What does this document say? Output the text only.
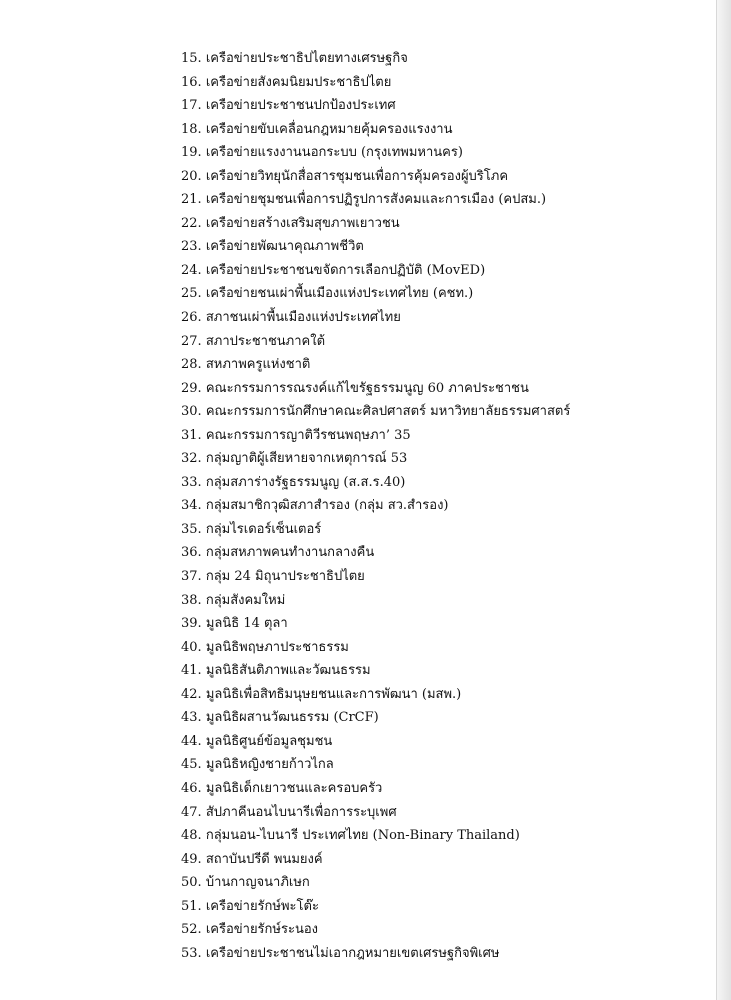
15. เครือข่ายประชาธิปไตยทางเศรษฐกิจ
16. เครือข่ายสังคมนิยมประชาธิปไตย
17. เครือข่ายประชาชนปกป้องประเทศ
18. เครือข่ายขับเคลื่อนกฎหมายคุ้มครองแรงงาน
19. เครือข่ายแรงงานนอกระบบ (กรุงเทพมหานคร)
20. เครือข่ายวิทยุนักสื่อสารชุมชนเพื่อการคุ้มครองผู้บริโภค
21. เครือข่ายชุมชนเพื่อการปฏิรูปการสังคมและการเมือง (คปสม.)
22. เครือข่ายสร้างเสริมสุขภาพเยาวชน
23. เครือข่ายพัฒนาคุณภาพชีวิต
24. เครือข่ายประชาชนขจัดการเลือกปฏิบัติ (MovED)
25. เครือข่ายชนเผ่าพื้นเมืองแห่งประเทศไทย (คชท.)
26. สภาชนเผ่าพื้นเมืองแห่งประเทศไทย
27. สภาประชาชนภาคใต้
28. สหภาพครูแห่งชาติ
29. คณะกรรมการรณรงค์แก้ไขรัฐธรรมนูญ 60 ภาคประชาชน
30. คณะกรรมการนักศึกษาคณะศิลปศาสตร์ มหาวิทยาลัยธรรมศาสตร์
31. คณะกรรมการญาติวีรชนพฤษภา’ 35
32. กลุ่มญาติผู้เสียหายจากเหตุการณ์ 53
33. กลุ่มสภาร่างรัฐธรรมนูญ (ส.ส.ร.40)
34. กลุ่มสมาชิกวุฒิสภาสำรอง (กลุ่ม สว.สำรอง)
35. กลุ่มไรเดอร์เซ็นเตอร์
36. กลุ่มสหภาพคนทำงานกลางคืน
37. กลุ่ม 24 มิถุนาประชาธิปไตย
38. กลุ่มสังคมใหม่
39. มูลนิธิ 14 ตุลา
40. มูลนิธิพฤษภาประชาธรรม
41. มูลนิธิสันติภาพและวัฒนธรรม
42. มูลนิธิเพื่อสิทธิมนุษยชนและการพัฒนา (มสพ.)
43. มูลนิธิผสานวัฒนธรรม (CrCF)
44. มูลนิธิศูนย์ข้อมูลชุมชน
45. มูลนิธิหญิงชายก้าวไกล
46. มูลนิธิเด็กเยาวชนและครอบครัว
47. สัปภาคีนอนไบนารีเพื่อการระบุเพศ
48. กลุ่มนอน-ไบนารี ประเทศไทย (Non-Binary Thailand)
49. สถาบันปรีดี พนมยงค์
50. บ้านกาญจนาภิเษก
51. เครือข่ายรักษ์พะโต๊ะ
52. เครือข่ายรักษ์ระนอง
53. เครือข่ายประชาชนไม่เอากฎหมายเขตเศรษฐกิจพิเศษ
